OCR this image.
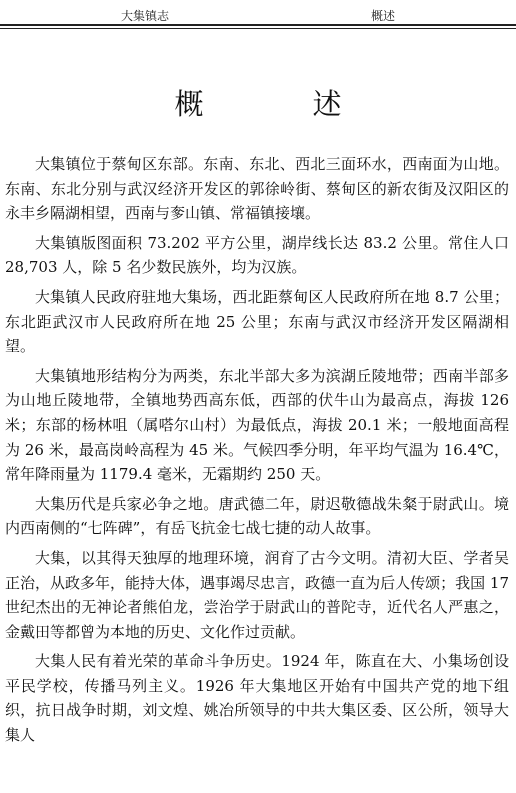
大集镇志	概述
概　述

大集镇位于蔡甸区东部。东南、东北、西北三面环水，西南面为山地。东南、东北分别与武汉经济开发区的郭徐岭街、蔡甸区的新农街及汉阳区的永丰乡隔湖相望，西南与奓山镇、常福镇接壤。

大集镇版图面积 73.202 平方公里，湖岸线长达 83.2 公里。常住人口 28,703 人，除 5 名少数民族外，均为汉族。

大集镇人民政府驻地大集场，西北距蔡甸区人民政府所在地 8.7 公里；东北距武汉市人民政府所在地 25 公里；东南与武汉市经济开发区隔湖相望。

大集镇地形结构分为两类，东北半部大多为滨湖丘陵地带；西南半部多为山地丘陵地带，全镇地势西高东低，西部的伏牛山为最高点，海拔 126 米；东部的杨林咀（属嗒尔山村）为最低点，海拔 20.1 米；一般地面高程为 26 米，最高岗岭高程为 45 米。气候四季分明，年平均气温为 16.4℃，常年降雨量为 1179.4 毫米，无霜期约 250 天。

大集历代是兵家必争之地。唐武德二年，尉迟敬德战朱粲于尉武山。境内西南侧的“七阵碑”，有岳飞抗金七战七捷的动人故事。

大集，以其得天独厚的地理环境，润育了古今文明。清初大臣、学者吴正治，从政多年，能持大体，遇事竭尽忠言，政德一直为后人传颂；我国 17 世纪杰出的无神论者熊伯龙，尝治学于尉武山的普陀寺，近代名人严惠之，金戴田等都曾为本地的历史、文化作过贡献。

大集人民有着光荣的革命斗争历史。1924 年，陈直在大、小集场创设平民学校，传播马列主义。1926 年大集地区开始有中国共产党的地下组织，抗日战争时期，刘文煌、姚冶所领导的中共大集区委、区公所，领导大集人
